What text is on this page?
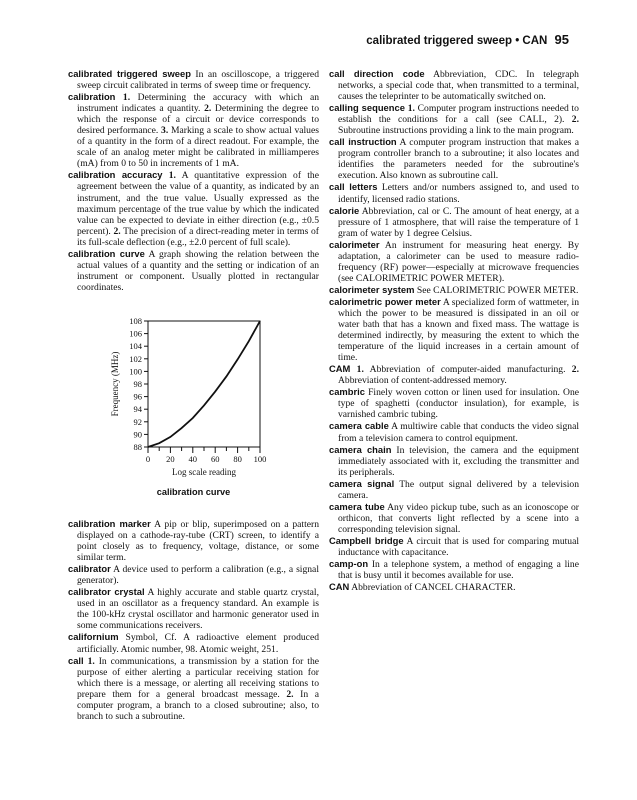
calibrated triggered sweep • CAN 95

calibrated triggered sweep In an oscilloscope, a triggered sweep circuit calibrated in terms of sweep time or frequency.

calibration 1. Determining the accuracy with which an instrument indicates a quantity. 2. Determining the degree to which the response of a circuit or device corresponds to desired performance. 3. Marking a scale to show actual values of a quantity in the form of a direct readout. For example, the scale of an analog meter might be calibrated in milliamperes (mA) from 0 to 50 in increments of 1 mA.

calibration accuracy 1. A quantitative expression of the agreement between the value of a quantity, as indicated by an instrument, and the true value. Usually expressed as the maximum percentage of the true value by which the indicated value can be expected to deviate in either direction (e.g., ±0.5 percent). 2. The precision of a direct-reading meter in terms of its full-scale deflection (e.g., ±2.0 percent of full scale).

calibration curve A graph showing the relation between the actual values of a quantity and the setting or indication of an instrument or component. Usually plotted in rectangular coordinates.

108
106
104
102
100
98
96
94
92
90
88
0 20 40 60 80 100
Frequency (MHz)
Log scale reading

calibration curve

calibration marker A pip or blip, superimposed on a pattern displayed on a cathode-ray-tube (CRT) screen, to identify a point closely as to frequency, voltage, distance, or some similar term.

calibrator A device used to perform a calibration (e.g., a signal generator).

calibrator crystal A highly accurate and stable quartz crystal, used in an oscillator as a frequency standard. An example is the 100-kHz crystal oscillator and harmonic generator used in some communications receivers.

californium Symbol, Cf. A radioactive element produced artificially. Atomic number, 98. Atomic weight, 251.

call 1. In communications, a transmission by a station for the purpose of either alerting a particular receiving station for which there is a message, or alerting all receiving stations to prepare them for a general broadcast message. 2. In a computer program, a branch to a closed subroutine; also, to branch to such a subroutine.

call direction code Abbreviation, CDC. In telegraph networks, a special code that, when transmitted to a terminal, causes the teleprinter to be automatically switched on.

calling sequence 1. Computer program instructions needed to establish the conditions for a call (see CALL, 2). 2. Subroutine instructions providing a link to the main program.

call instruction A computer program instruction that makes a program controller branch to a subroutine; it also locates and identifies the parameters needed for the subroutine's execution. Also known as subroutine call.

call letters Letters and/or numbers assigned to, and used to identify, licensed radio stations.

calorie Abbreviation, cal or C. The amount of heat energy, at a pressure of 1 atmosphere, that will raise the temperature of 1 gram of water by 1 degree Celsius.

calorimeter An instrument for measuring heat energy. By adaptation, a calorimeter can be used to measure radio-frequency (RF) power—especially at microwave frequencies (see CALORIMETRIC POWER METER).

calorimeter system See CALORIMETRIC POWER METER.

calorimetric power meter A specialized form of wattmeter, in which the power to be measured is dissipated in an oil or water bath that has a known and fixed mass. The wattage is determined indirectly, by measuring the extent to which the temperature of the liquid increases in a certain amount of time.

CAM 1. Abbreviation of computer-aided manufacturing. 2. Abbreviation of content-addressed memory.

cambric Finely woven cotton or linen used for insulation. One type of spaghetti (conductor insulation), for example, is varnished cambric tubing.

camera cable A multiwire cable that conducts the video signal from a television camera to control equipment.

camera chain In television, the camera and the equipment immediately associated with it, excluding the transmitter and its peripherals.

camera signal The output signal delivered by a television camera.

camera tube Any video pickup tube, such as an iconoscope or orthicon, that converts light reflected by a scene into a corresponding television signal.

Campbell bridge A circuit that is used for comparing mutual inductance with capacitance.

camp-on In a telephone system, a method of engaging a line that is busy until it becomes available for use.

CAN Abbreviation of CANCEL CHARACTER.
